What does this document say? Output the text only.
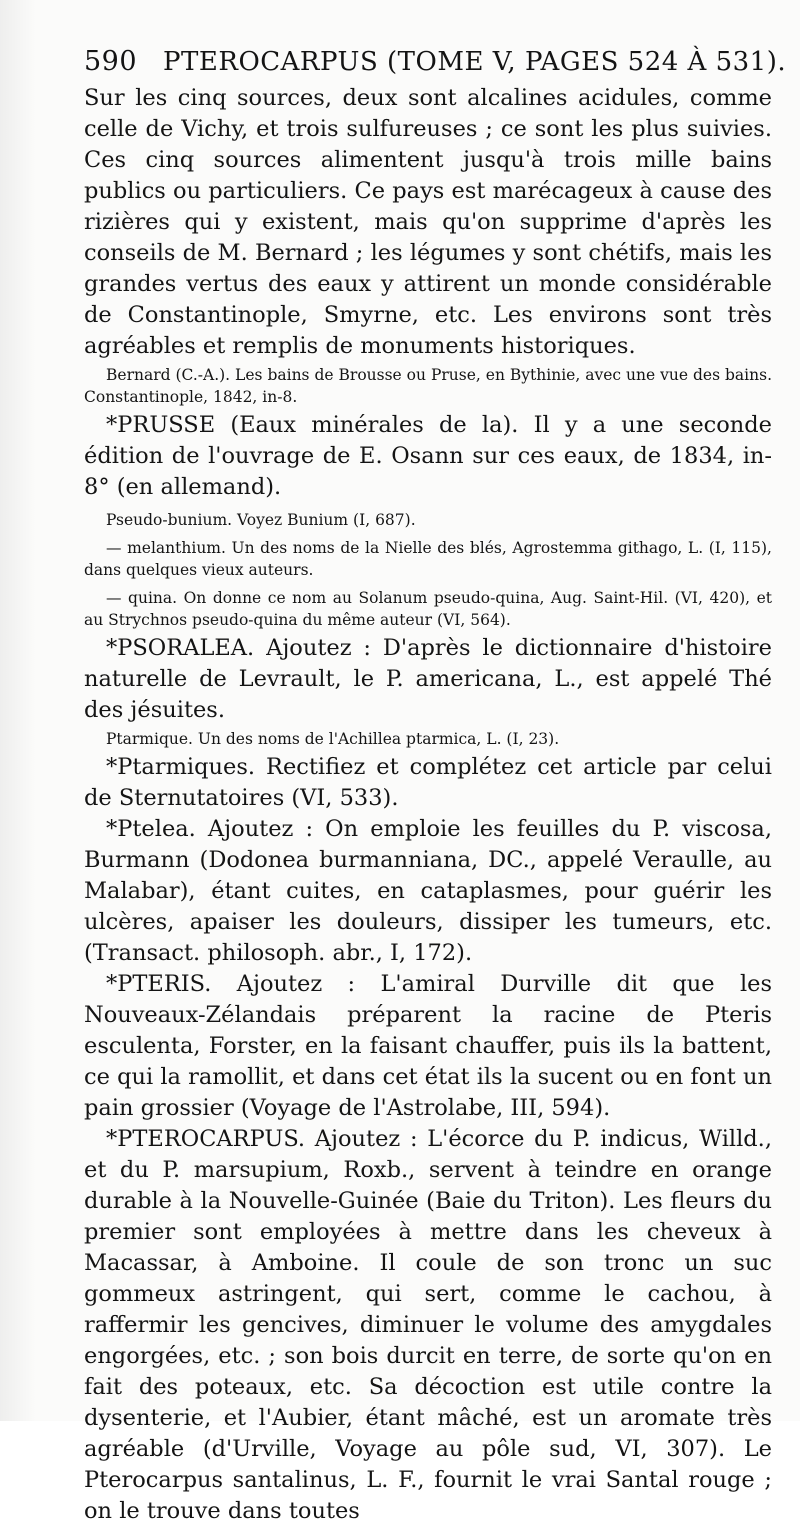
590 PTEROCARPUS (TOME V, PAGES 524 À 531).

Sur les cinq sources, deux sont alcalines acidules, comme celle de Vichy, et trois sulfureuses ; ce sont les plus suivies. Ces cinq sources alimentent jusqu'à trois mille bains publics ou particuliers. Ce pays est marécageux à cause des rizières qui y existent, mais qu'on supprime d'après les conseils de M. Bernard ; les légumes y sont chétifs, mais les grandes vertus des eaux y attirent un monde considérable de Constantinople, Smyrne, etc. Les environs sont très agréables et remplis de monuments historiques.

Bernard (C.-A.). Les bains de Brousse ou Pruse, en Bythinie, avec une vue des bains. Constantinople, 1842, in-8.

*PRUSSE (Eaux minérales de la). Il y a une seconde édition de l'ouvrage de E. Osann sur ces eaux, de 1834, in-8° (en allemand).

Pseudo-bunium. Voyez Bunium (I, 687).

— melanthium. Un des noms de la Nielle des blés, Agrostemma githago, L. (I, 115), dans quelques vieux auteurs.

— quina. On donne ce nom au Solanum pseudo-quina, Aug. Saint-Hil. (VI, 420), et au Strychnos pseudo-quina du même auteur (VI, 564).

*PSORALEA. Ajoutez : D'après le dictionnaire d'histoire naturelle de Levrault, le P. americana, L., est appelé Thé des jésuites.

Ptarmique. Un des noms de l'Achillea ptarmica, L. (I, 23).

*Ptarmiques. Rectifiez et complétez cet article par celui de Sternutatoires (VI, 533).

*Ptelea. Ajoutez : On emploie les feuilles du P. viscosa, Burmann (Dodonea burmanniana, DC., appelé Veraulle, au Malabar), étant cuites, en cataplasmes, pour guérir les ulcères, apaiser les douleurs, dissiper les tumeurs, etc. (Transact. philosoph. abr., I, 172).

*PTERIS. Ajoutez : L'amiral Durville dit que les Nouveaux-Zélandais préparent la racine de Pteris esculenta, Forster, en la faisant chauffer, puis ils la battent, ce qui la ramollit, et dans cet état ils la sucent ou en font un pain grossier (Voyage de l'Astrolabe, III, 594).

*PTEROCARPUS. Ajoutez : L'écorce du P. indicus, Willd., et du P. marsupium, Roxb., servent à teindre en orange durable à la Nouvelle-Guinée (Baie du Triton). Les fleurs du premier sont employées à mettre dans les cheveux à Macassar, à Amboine. Il coule de son tronc un suc gommeux astringent, qui sert, comme le cachou, à raffermir les gencives, diminuer le volume des amygdales engorgées, etc. ; son bois durcit en terre, de sorte qu'on en fait des poteaux, etc. Sa décoction est utile contre la dysenterie, et l'Aubier, étant mâché, est un aromate très agréable (d'Urville, Voyage au pôle sud, VI, 307). Le Pterocarpus santalinus, L. F., fournit le vrai Santal rouge ; on le trouve dans toutes
